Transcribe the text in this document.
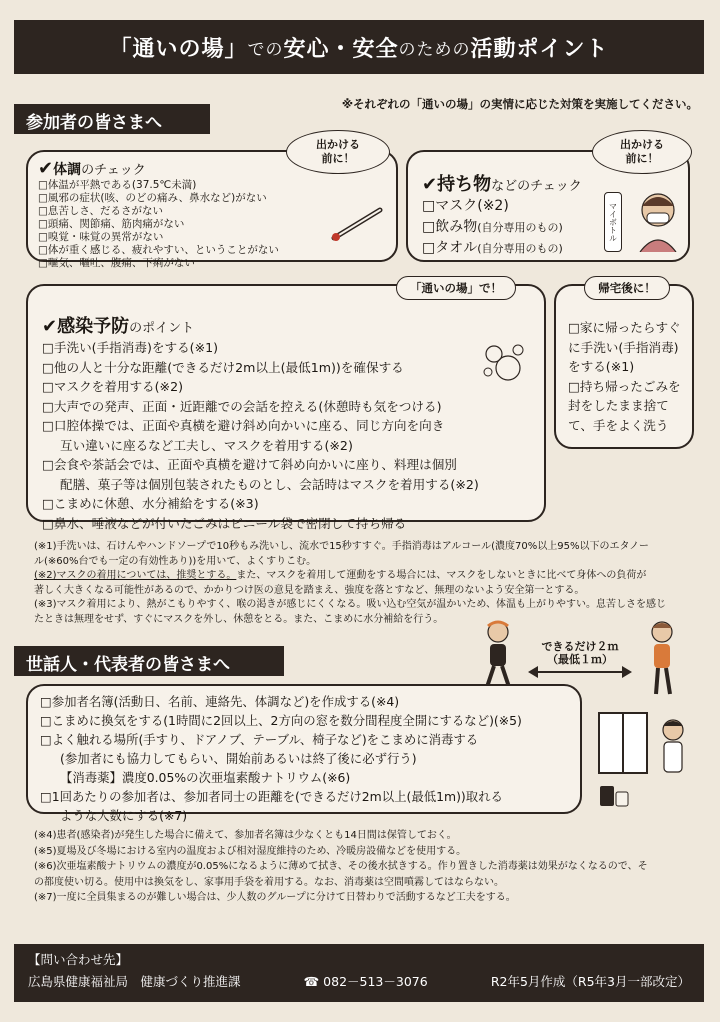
「通いの場」 での 安心・安全 のための 活動ポイント
※それぞれの「通いの場」の実情に応じた対策を実施してください。
参加者の皆さまへ
✔体調のチェック
□体温が平熱である(37.5℃未満)
□風邪の症状(咳、のどの痛み、鼻水など)がない
□息苦しさ、だるさがない
□頭痛、関節痛、筋肉痛がない
□嗅覚・味覚の異常がない
□体が重く感じる、疲れやすい、ということがない
□嘔気、嘔吐、腹痛、下痢がない
出かける
前に！
✔持ち物などのチェック
□マスク(※2)
□飲み物(自分専用のもの)
□タオル(自分専用のもの)
マイボトル
出かける
前に！
✔感染予防のポイント
□手洗い(手指消毒)をする(※1)
□他の人と十分な距離(できるだけ2m以上(最低1m))を確保する
□マスクを着用する(※2)
□大声での発声、正面・近距離での会話を控える(休憩時も気をつける)
□口腔体操では、正面や真横を避け斜め向かいに座る、同じ方向を向き
互い違いに座るなど工夫し、マスクを着用する(※2)
□会食や茶話会では、正面や真横を避けて斜め向かいに座り、料理は個別
配膳、菓子等は個別包装されたものとし、会話時はマスクを着用する(※2)
□こまめに休憩、水分補給をする(※3)
□鼻水、唾液などが付いたごみはビニール袋で密閉して持ち帰る
「通いの場」で！
□家に帰ったらすぐに手洗い(手指消毒)をする(※1)
□持ち帰ったごみを封をしたまま捨てて、手をよく洗う
帰宅後に！
(※1)手洗いは、石けんやハンドソープで10秒もみ洗いし、流水で15秒すすぐ。手指消毒はアルコール(濃度70%以上95%以下のエタノー
ル(※60%台でも一定の有効性あり))を用いて、よくすりこむ。
(※2)マスクの着用については、推奨とする。また、マスクを着用して運動をする場合には、マスクをしないときに比べて身体への負荷が
著しく大きくなる可能性があるので、かかりつけ医の意見を踏まえ、強度を落とすなど、無理のないよう安全第一とする。
(※3)マスク着用により、熱がこもりやすく、喉の渇きが感じにくくなる。吸い込む空気が温かいため、体温も上がりやすい。息苦しさを感じ
たときは無理をせず、すぐにマスクを外し、休憩をとる。また、こまめに水分補給を行う。
世話人・代表者の皆さまへ
できるだけ２ｍ
（最低１ｍ）
□参加者名簿(活動日、名前、連絡先、体調など)を作成する(※4)
□こまめに換気をする(1時間に2回以上、2方向の窓を数分間程度全開にするなど)(※5)
□よく触れる場所(手すり、ドアノブ、テーブル、椅子など)をこまめに消毒する
(参加者にも協力してもらい、開始前あるいは終了後に必ず行う)
【消毒薬】濃度0.05%の次亜塩素酸ナトリウム(※6)
□1回あたりの参加者は、参加者同士の距離を(できるだけ2m以上(最低1m))取れる
ような人数にする(※7)
(※4)患者(感染者)が発生した場合に備えて、参加者名簿は少なくとも14日間は保管しておく。
(※5)夏場及び冬場における室内の温度および相対湿度維持のため、冷暖房設備などを使用する。
(※6)次亜塩素酸ナトリウムの濃度が0.05%になるように薄めて拭き、その後水拭きする。作り置きした消毒薬は効果がなくなるので、そ
の都度使い切る。使用中は換気をし、家事用手袋を着用する。なお、消毒薬は空間噴霧してはならない。
(※7)一度に全員集まるのが難しい場合は、少人数のグループに分けて日替わりで活動するなど工夫をする。
【問い合わせ先】
広島県健康福祉局　健康づくり推進課	☎ 082－513－3076	R2年5月作成（R5年3月一部改定）
